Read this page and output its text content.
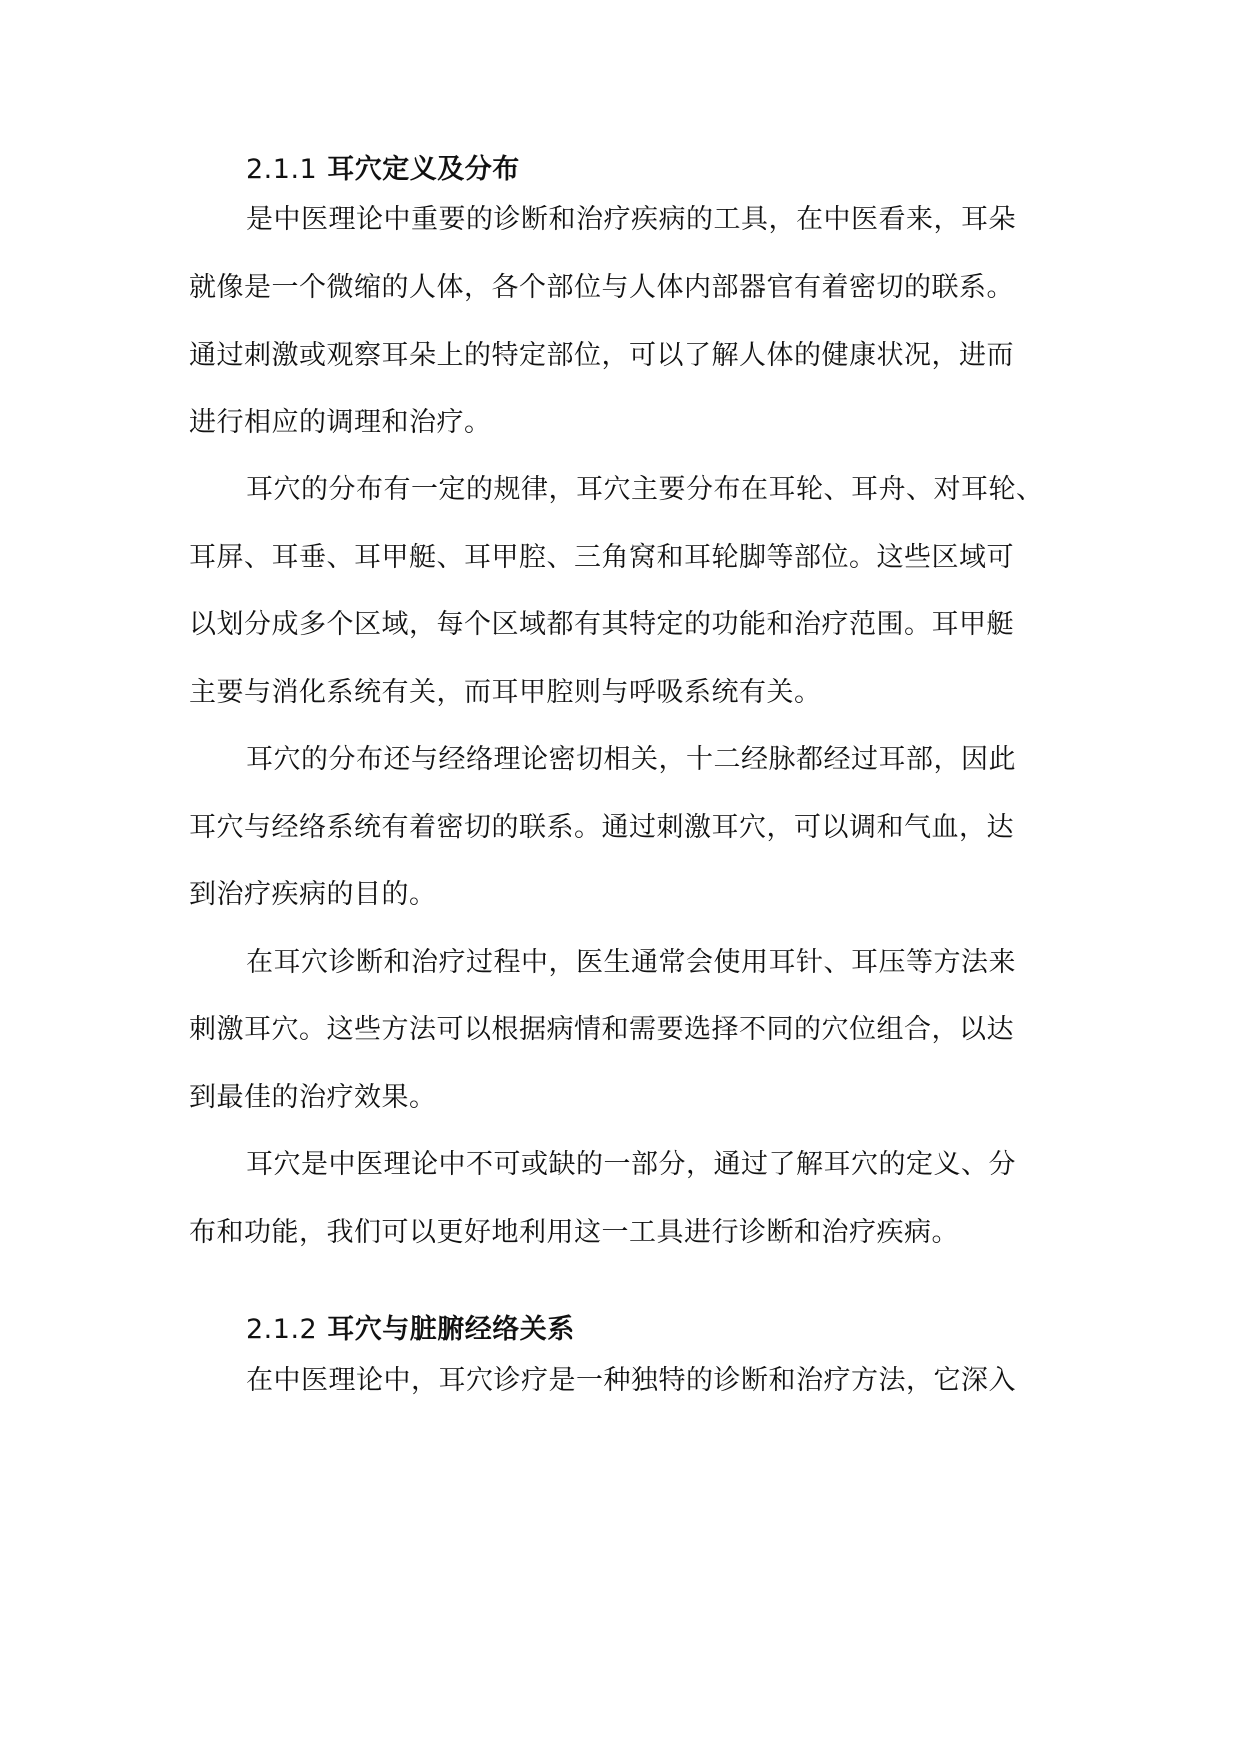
2.1.1 耳穴定义及分布
是中医理论中重要的诊断和治疗疾病的工具，在中医看来，耳朵
就像是一个微缩的人体，各个部位与人体内部器官有着密切的联系。
通过刺激或观察耳朵上的特定部位，可以了解人体的健康状况，进而
进行相应的调理和治疗。
耳穴的分布有一定的规律，耳穴主要分布在耳轮、耳舟、对耳轮、
耳屏、耳垂、耳甲艇、耳甲腔、三角窝和耳轮脚等部位。这些区域可
以划分成多个区域，每个区域都有其特定的功能和治疗范围。耳甲艇
主要与消化系统有关，而耳甲腔则与呼吸系统有关。
耳穴的分布还与经络理论密切相关，十二经脉都经过耳部，因此
耳穴与经络系统有着密切的联系。通过刺激耳穴，可以调和气血，达
到治疗疾病的目的。
在耳穴诊断和治疗过程中，医生通常会使用耳针、耳压等方法来
刺激耳穴。这些方法可以根据病情和需要选择不同的穴位组合，以达
到最佳的治疗效果。
耳穴是中医理论中不可或缺的一部分，通过了解耳穴的定义、分
布和功能，我们可以更好地利用这一工具进行诊断和治疗疾病。
2.1.2 耳穴与脏腑经络关系
在中医理论中，耳穴诊疗是一种独特的诊断和治疗方法，它深入
